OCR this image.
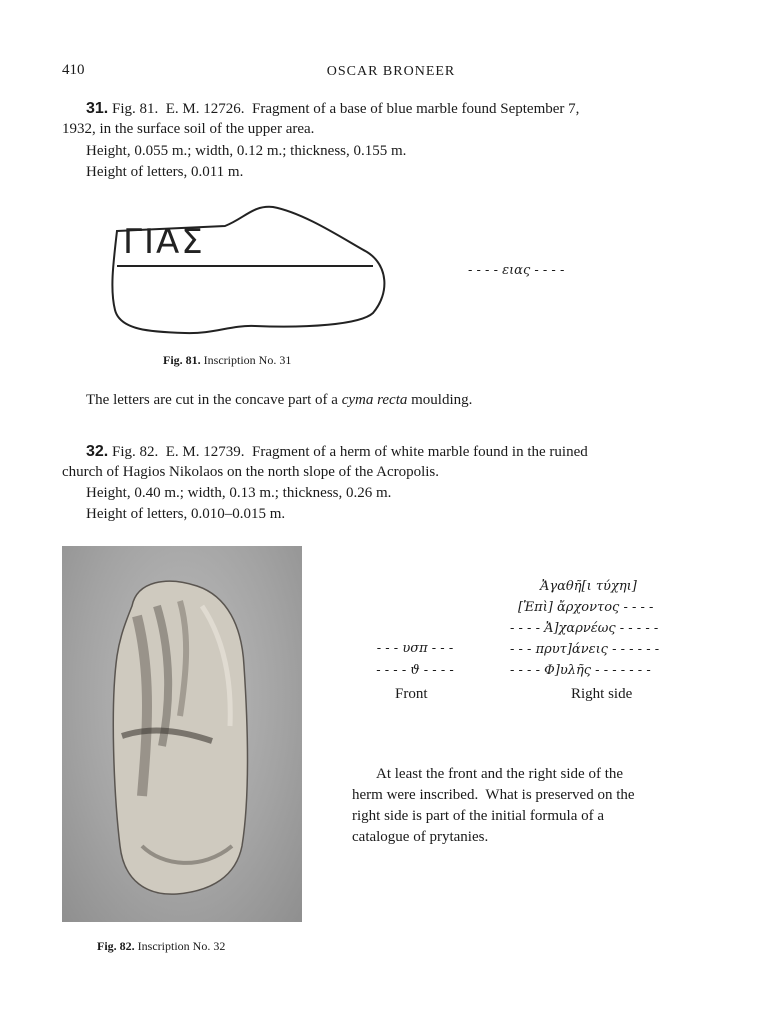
410	OSCAR BRONEER
31. Fig. 81.  E. M. 12726.  Fragment of a base of blue marble found September 7,
1932, in the surface soil of the upper area.
Height, 0.055 m.; width, 0.12 m.; thickness, 0.155 m.
Height of letters, 0.011 m.
ΓΙΑΣ
- - - - ειας - - - -
Fig. 81. Inscription No. 31
The letters are cut in the concave part of a cyma recta moulding.
32. Fig. 82.  E. M. 12739.  Fragment of a herm of white marble found in the ruined
church of Hagios Nikolaos on the north slope of the Acropolis.
Height, 0.40 m.; width, 0.13 m.; thickness, 0.26 m.
Height of letters, 0.010–0.015 m.
Fig. 82. Inscription No. 32
- - - υσπ - - -
- - - - ϑ - - - -
Front
Ἀγαθῆ[ι τύχηι]
[Ἐπὶ] ἄρχοντος - - - -
- - - - Ἀ]χαρνέως - - - - -
- - - πρυτ]άνεις - - - - - -
- - - - Φ]υλῆς - - - - - - -
Right side
At least the front and the right side of the
herm were inscribed.  What is preserved on the
right side is part of the initial formula of a
catalogue of prytanies.
